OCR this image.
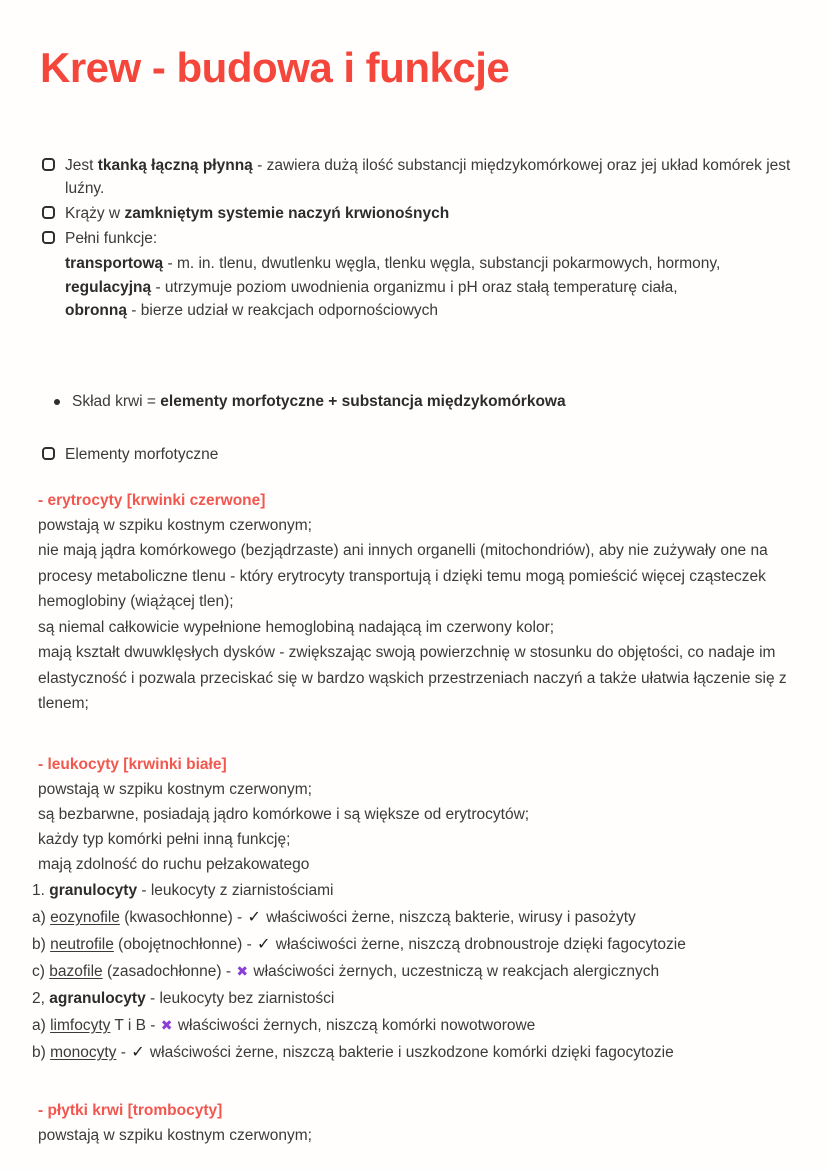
Krew - budowa i funkcje
Jest tkanką łączną płynną - zawiera dużą ilość substancji międzykomórkowej oraz jej układ komórek jest luźny.
Krąży w zamkniętym systemie naczyń krwionośnych
Pełni funkcje:
transportową - m. in. tlenu, dwutlenku węgla, tlenku węgla, substancji pokarmowych, hormony,
regulacyjną - utrzymuje poziom uwodnienia organizmu i pH oraz stałą temperaturę ciała,
obronną - bierze udział w reakcjach odpornościowych
Skład krwi = elementy morfotyczne + substancja międzykomórkowa
Elementy morfotyczne
- erytrocyty [krwinki czerwone]
powstają w szpiku kostnym czerwonym;
nie mają jądra komórkowego (bezjądrzaste) ani innych organelli (mitochondriów), aby nie zużywały one na procesy metaboliczne tlenu - który erytrocyty transportują i dzięki temu mogą pomieścić więcej cząsteczek hemoglobiny (wiążącej tlen);
są niemal całkowicie wypełnione hemoglobiną nadającą im czerwony kolor;
mają kształt dwuwklęsłych dysków - zwiększając swoją powierzchnię w stosunku do objętości, co nadaje im elastyczność i pozwala przeciskać się w bardzo wąskich przestrzeniach naczyń a także ułatwia łączenie się z tlenem;
- leukocyty [krwinki białe]
powstają w szpiku kostnym czerwonym;
są bezbarwne, posiadają jądro komórkowe i są większe od erytrocytów;
każdy typ komórki pełni inną funkcję;
mają zdolność do ruchu pełzakowatego
1. granulocyty - leukocyty z ziarnistościami
a) eozynofile (kwasochłonne) - ✓ właściwości żerne, niszczą bakterie, wirusy i pasożyty
b) neutrofile (obojętnochłonne) - ✓ właściwości żerne, niszczą drobnoustroje dzięki fagocytozie
c) bazofile (zasadochłonne) - ✖ właściwości żernych, uczestniczą w reakcjach alergicznych
2, agranulocyty - leukocyty bez ziarnistości
a) limfocyty T i B - ✖ właściwości żernych, niszczą komórki nowotworowe
b) monocyty - ✓ właściwości żerne, niszczą bakterie i uszkodzone komórki dzięki fagocytozie
- płytki krwi [trombocyty]
powstają w szpiku kostnym czerwonym;
